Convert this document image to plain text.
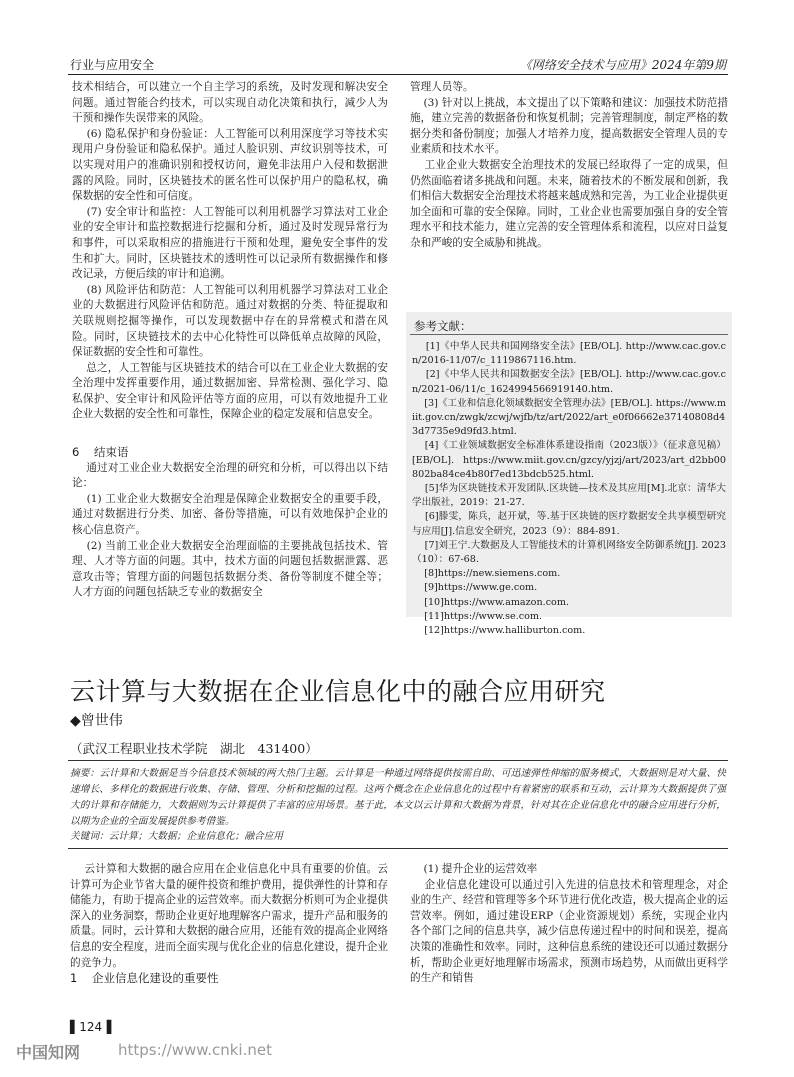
行业与应用安全	《网络安全技术与应用》2024年第9期

技术相结合，可以建立一个自主学习的系统，及时发现和解决安全问题。通过智能合约技术，可以实现自动化决策和执行，减少人为干预和操作失误带来的风险。

(6) 隐私保护和身份验证：人工智能可以利用深度学习等技术实现用户身份验证和隐私保护。通过人脸识别、声纹识别等技术，可以实现对用户的准确识别和授权访问，避免非法用户入侵和数据泄露的风险。同时，区块链技术的匿名性可以保护用户的隐私权，确保数据的安全性和可信度。

(7) 安全审计和监控：人工智能可以利用机器学习算法对工业企业的安全审计和监控数据进行挖掘和分析，通过及时发现异常行为和事件，可以采取相应的措施进行干预和处理，避免安全事件的发生和扩大。同时，区块链技术的透明性可以记录所有数据操作和修改记录，方便后续的审计和追溯。

(8) 风险评估和防范：人工智能可以利用机器学习算法对工业企业的大数据进行风险评估和防范。通过对数据的分类、特征提取和关联规则挖掘等操作，可以发现数据中存在的异常模式和潜在风险。同时，区块链技术的去中心化特性可以降低单点故障的风险，保证数据的安全性和可靠性。

总之，人工智能与区块链技术的结合可以在工业企业大数据的安全治理中发挥重要作用，通过数据加密、异常检测、强化学习、隐私保护、安全审计和风险评估等方面的应用，可以有效地提升工业企业大数据的安全性和可靠性，保障企业的稳定发展和信息安全。

6    结束语

通过对工业企业大数据安全治理的研究和分析，可以得出以下结论：

(1) 工业企业大数据安全治理是保障企业数据安全的重要手段，通过对数据进行分类、加密、备份等措施，可以有效地保护企业的核心信息资产。

(2) 当前工业企业大数据安全治理面临的主要挑战包括技术、管理、人才等方面的问题。其中，技术方面的问题包括数据泄露、恶意攻击等；管理方面的问题包括数据分类、备份等制度不健全等；人才方面的问题包括缺乏专业的数据安全

管理人员等。

(3) 针对以上挑战，本文提出了以下策略和建议：加强技术防范措施，建立完善的数据备份和恢复机制；完善管理制度，制定严格的数据分类和备份制度；加强人才培养力度，提高数据安全管理人员的专业素质和技术水平。

工业企业大数据安全治理技术的发展已经取得了一定的成果，但仍然面临着诸多挑战和问题。未来，随着技术的不断发展和创新，我们相信大数据安全治理技术将越来越成熟和完善，为工业企业提供更加全面和可靠的安全保障。同时，工业企业也需要加强自身的安全管理水平和技术能力，建立完善的安全管理体系和流程，以应对日益复杂和严峻的安全威胁和挑战。

参考文献：

[1]《中华人民共和国网络安全法》[EB/OL]. http://www.cac.gov.cn/2016-11/07/c_1119867116.htm.

[2]《中华人民共和国数据安全法》[EB/OL]. http://www.cac.gov.cn/2021-06/11/c_1624994566919140.htm.

[3]《工业和信息化领域数据安全管理办法》[EB/OL]. https://www.miit.gov.cn/zwgk/zcwj/wjfb/tz/art/2022/art_e0f06662e37140808d43d7735e9d9fd3.html.

[4]《工业领域数据安全标准体系建设指南（2023版）》（征求意见稿）[EB/OL]. https://www.miit.gov.cn/gzcy/yjzj/art/2023/art_d2bb00802ba84ce4b80f7ed13bdcb525.html.

[5]华为区块链技术开发团队.区块链—技术及其应用[M].北京：清华大学出版社，2019：21-27.

[6]滕雯，陈兵，赵开斌，等.基于区块链的医疗数据安全共享模型研究与应用[J].信息安全研究，2023（9）：884-891.

[7]刘王宁.大数据及人工智能技术的计算机网络安全防御系统[J]. 2023（10）：67-68.

[8]https://new.siemens.com.

[9]https://www.ge.com.

[10]https://www.amazon.com.

[11]https://www.se.com.

[12]https://www.halliburton.com.

云计算与大数据在企业信息化中的融合应用研究
◆曾世伟
（武汉工程职业技术学院　湖北　431400）
摘要：云计算和大数据是当今信息技术领域的两大热门主题。云计算是一种通过网络提供按需自助、可迅速弹性伸缩的服务模式，大数据则是对大量、快速增长、多样化的数据进行收集、存储、管理、分析和挖掘的过程。这两个概念在企业信息化的过程中有着紧密的联系和互动，云计算为大数据提供了强大的计算和存储能力，大数据则为云计算提供了丰富的应用场景。基于此，本文以云计算和大数据为背景，针对其在企业信息化中的融合应用进行分析，以期为企业的全面发展提供参考借鉴。
关键词：云计算；大数据；企业信息化；融合应用

云计算和大数据的融合应用在企业信息化中具有重要的价值。云计算可为企业节省大量的硬件投资和维护费用，提供弹性的计算和存储能力，有助于提高企业的运营效率。而大数据分析则可为企业提供深入的业务洞察，帮助企业更好地理解客户需求，提升产品和服务的质量。同时，云计算和大数据的融合应用，还能有效的提高企业网络信息的安全程度，进而全面实现与优化企业的信息化建设，提升企业的竞争力。

1    企业信息化建设的重要性

(1) 提升企业的运营效率

企业信息化建设可以通过引入先进的信息技术和管理理念，对企业的生产、经营和管理等多个环节进行优化改造，极大提高企业的运营效率。例如，通过建设ERP（企业资源规划）系统，实现企业内各个部门之间的信息共享，减少信息传递过程中的时间和误差，提高决策的准确性和效率。同时，这种信息系统的建设还可以通过数据分析，帮助企业更好地理解市场需求，预测市场趋势，从而做出更科学的生产和销售

▌124▐
中国知网	https://www.cnki.net
